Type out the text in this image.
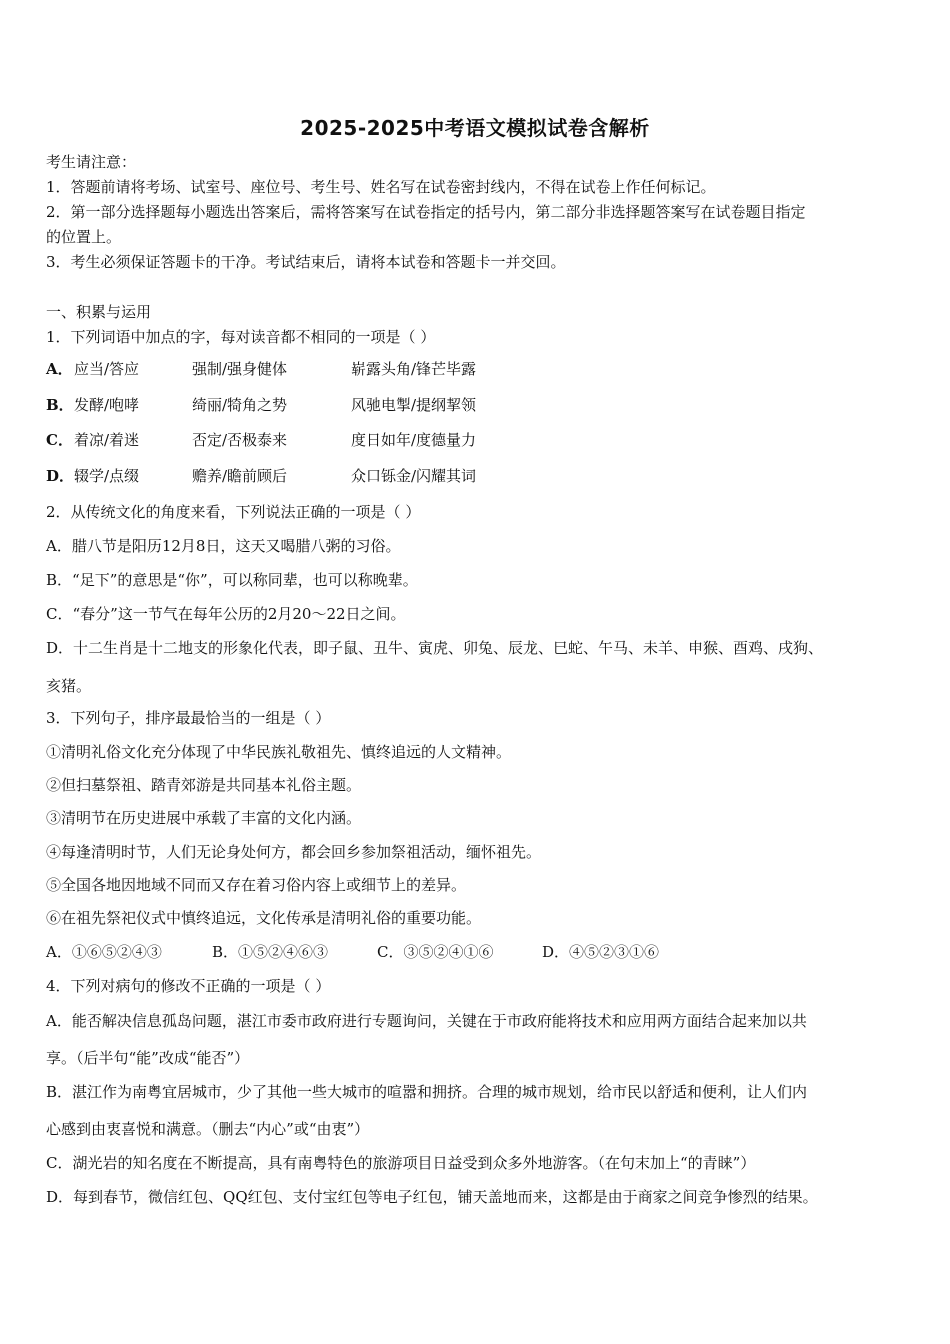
2025-2025中考语文模拟试卷含解析
考生请注意：
1．答题前请将考场、试室号、座位号、考生号、姓名写在试卷密封线内，不得在试卷上作任何标记。
2．第一部分选择题每小题选出答案后，需将答案写在试卷指定的括号内，第二部分非选择题答案写在试卷题目指定
的位置上。
3．考生必须保证答题卡的干净。考试结束后，请将本试卷和答题卡一并交回。
一、积累与运用
1．下列词语中加点的字，每对读音都不相同的一项是（ ）
A． 应当/答应	强制/强身健体	崭露头角/锋芒毕露
B． 发酵/咆哮	绮丽/犄角之势	风驰电掣/提纲挈领
C． 着凉/着迷	否定/否极泰来	度日如年/度德量力
D． 辍学/点缀	赡养/瞻前顾后	众口铄金/闪耀其词
2．从传统文化的角度来看，下列说法正确的一项是（ ）
A．腊八节是阳历12月8日，这天又喝腊八粥的习俗。
B．“足下”的意思是“你”，可以称同辈，也可以称晚辈。
C．“春分”这一节气在每年公历的2月20～22日之间。
D．十二生肖是十二地支的形象化代表，即子鼠、丑牛、寅虎、卯兔、辰龙、巳蛇、午马、未羊、申猴、酉鸡、戌狗、
亥猪。
3．下列句子，排序最最恰当的一组是（ ）
①清明礼俗文化充分体现了中华民族礼敬祖先、慎终追远的人文精神。
②但扫墓祭祖、踏青郊游是共同基本礼俗主题。
③清明节在历史进展中承载了丰富的文化内涵。
④每逢清明时节，人们无论身处何方，都会回乡参加祭祖活动，缅怀祖先。
⑤全国各地因地域不同而又存在着习俗内容上或细节上的差异。
⑥在祖先祭祀仪式中慎终追远，文化传承是清明礼俗的重要功能。
A．①⑥⑤②④③	B．①⑤②④⑥③	C．③⑤②④①⑥	D．④⑤②③①⑥
4．下列对病句的修改不正确的一项是（ ）
A．能否解决信息孤岛问题，湛江市委市政府进行专题询问，关键在于市政府能将技术和应用两方面结合起来加以共
享。（后半句“能”改成“能否”）
B．湛江作为南粤宜居城市，少了其他一些大城市的喧嚣和拥挤。合理的城市规划，给市民以舒适和便利，让人们内
心感到由衷喜悦和满意。（删去“内心”或“由衷”）
C．湖光岩的知名度在不断提高，具有南粤特色的旅游项目日益受到众多外地游客。（在句末加上“的青睐”）
D．每到春节，微信红包、QQ红包、支付宝红包等电子红包，铺天盖地而来，这都是由于商家之间竞争惨烈的结果。
